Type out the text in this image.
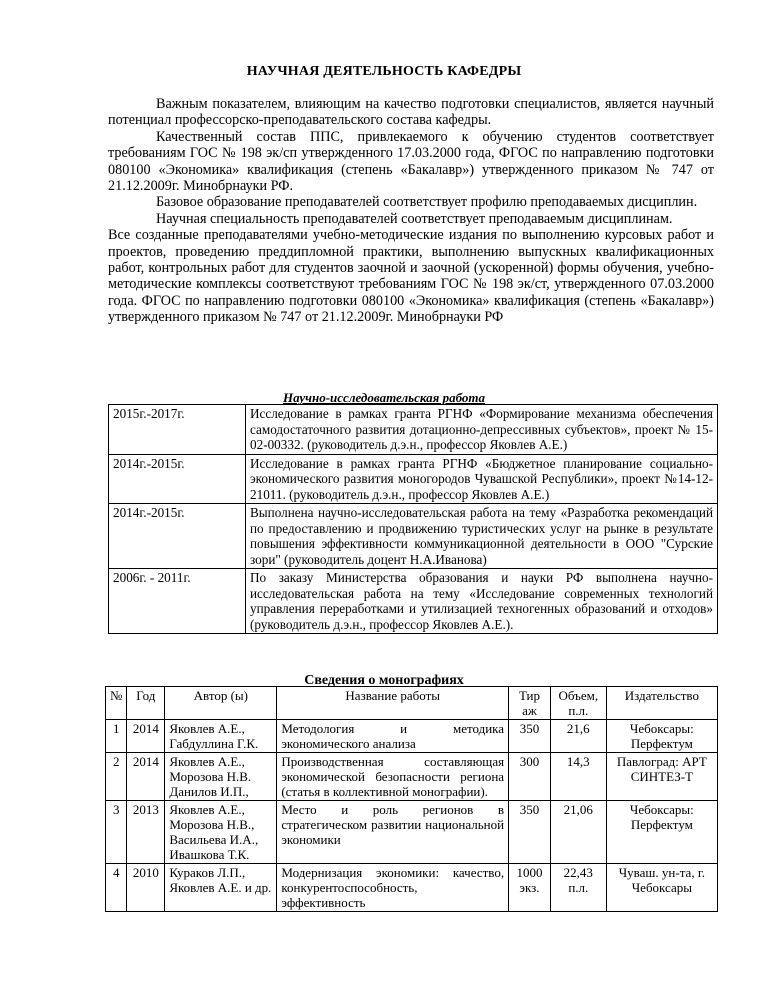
НАУЧНАЯ ДЕЯТЕЛЬНОСТЬ КАФЕДРЫ

Важным показателем, влияющим на качество подготовки специалистов, является научный потенциал профессорско-преподавательского состава кафедры.

Качественный состав ППС, привлекаемого к обучению студентов соответствует требованиям ГОС № 198 эк/сп утвержденного 17.03.2000 года, ФГОС по направлению подготовки 080100 «Экономика» квалификация (степень «Бакалавр») утвержденного приказом № 747 от 21.12.2009г. Минобрнауки РФ.

Базовое образование преподавателей соответствует профилю преподаваемых дисциплин.

Научная специальность преподавателей соответствует преподаваемым дисциплинам.

Все созданные преподавателями учебно-методические издания по выполнению курсовых работ и проектов, проведению преддипломной практики, выполнению выпускных квалификационных работ, контрольных работ для студентов заочной и заочной (ускоренной) формы обучения, учебно-методические комплексы соответствуют требованиям ГОС № 198 эк/ст, утвержденного 07.03.2000 года. ФГОС по направлению подготовки 080100 «Экономика» квалификация (степень «Бакалавр») утвержденного приказом № 747 от 21.12.2009г. Минобрнауки РФ

Научно-исследовательская работа
2015г.-2017г.	Исследование в рамках гранта РГНФ «Формирование механизма обеспечения самодостаточного развития дотационно-депрессивных субъектов», проект № 15-02-00332. (руководитель д.э.н., профессор Яковлев А.Е.)
2014г.-2015г.	Исследование в рамках гранта РГНФ «Бюджетное планирование социально-экономического развития моногородов Чувашской Республики», проект №14-12-21011. (руководитель д.э.н., профессор Яковлев А.Е.)
2014г.-2015г.	Выполнена научно-исследовательская работа на тему «Разработка рекомендаций по предоставлению и продвижению туристических услуг на рынке в результате повышения эффективности коммуникационной деятельности в ООО "Сурские зори" (руководитель доцент Н.А.Иванова)
2006г. - 2011г.	По заказу Министерства образования и науки РФ выполнена научно-исследовательская работа на тему «Исследование современных технологий управления переработками и утилизацией техногенных образований и отходов» (руководитель д.э.н., профессор Яковлев А.Е.).
Сведения о монографиях
№	Год	Автор (ы)	Название работы	Тир аж	Объем, п.л.	Издательство
1	2014	Яковлев А.Е., Габдуллина Г.К.	Методология и методика экономического анализа	350	21,6	Чебоксары: Перфектум
2	2014	Яковлев А.Е., Морозова Н.В. Данилов И.П.,	Производственная составляющая экономической безопасности региона (статья в коллективной монографии).	300	14,3	Павлоград: АРТ СИНТЕЗ-Т
3	2013	Яковлев А.Е., Морозова Н.В., Васильева И.А., Ивашкова Т.К.	Место и роль регионов в стратегическом развитии национальной экономики	350	21,06	Чебоксары: Перфектум
4	2010	Кураков Л.П., Яковлев А.Е. и др.	Модернизация экономики: качество, конкурентоспособность, эффективность	1000 экз.	22,43 п.л.	Чуваш. ун-та, г. Чебоксары
